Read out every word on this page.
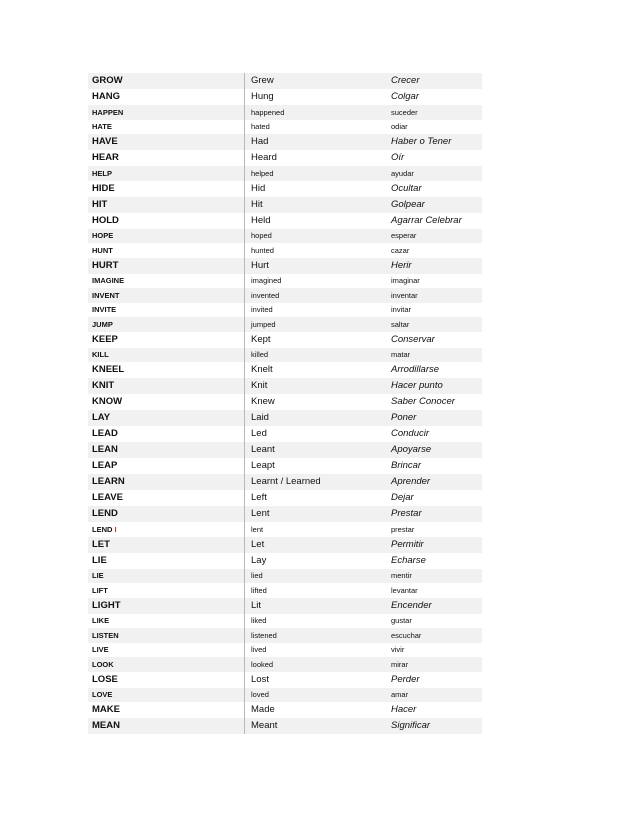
GROW	Grew	Crecer
HANG	Hung	Colgar
HAPPEN	happened	suceder
HATE	hated	odiar
HAVE	Had	Haber o Tener
HEAR	Heard	Oír
HELP	helped	ayudar
HIDE	Hid	Ocultar
HIT	Hit	Golpear
HOLD	Held	Agarrar Celebrar
HOPE	hoped	esperar
HUNT	hunted	cazar
HURT	Hurt	Herir
IMAGINE	imagined	imaginar
INVENT	invented	inventar
INVITE	invited	invitar
JUMP	jumped	saltar
KEEP	Kept	Conservar
KILL	killed	matar
KNEEL	Knelt	Arrodillarse
KNIT	Knit	Hacer punto
KNOW	Knew	Saber Conocer
LAY	Laid	Poner
LEAD	Led	Conducir
LEAN	Leant	Apoyarse
LEAP	Leapt	Brincar
LEARN	Learnt / Learned	Aprender
LEAVE	Left	Dejar
LEND	Lent	Prestar
LEND I	lent	prestar
LET	Let	Permitir
LIE	Lay	Echarse
LIE	lied	mentir
LIFT	lifted	levantar
LIGHT	Lit	Encender
LIKE	liked	gustar
LISTEN	listened	escuchar
LIVE	lived	vivir
LOOK	looked	mirar
LOSE	Lost	Perder
LOVE	loved	amar
MAKE	Made	Hacer
MEAN	Meant	Significar
